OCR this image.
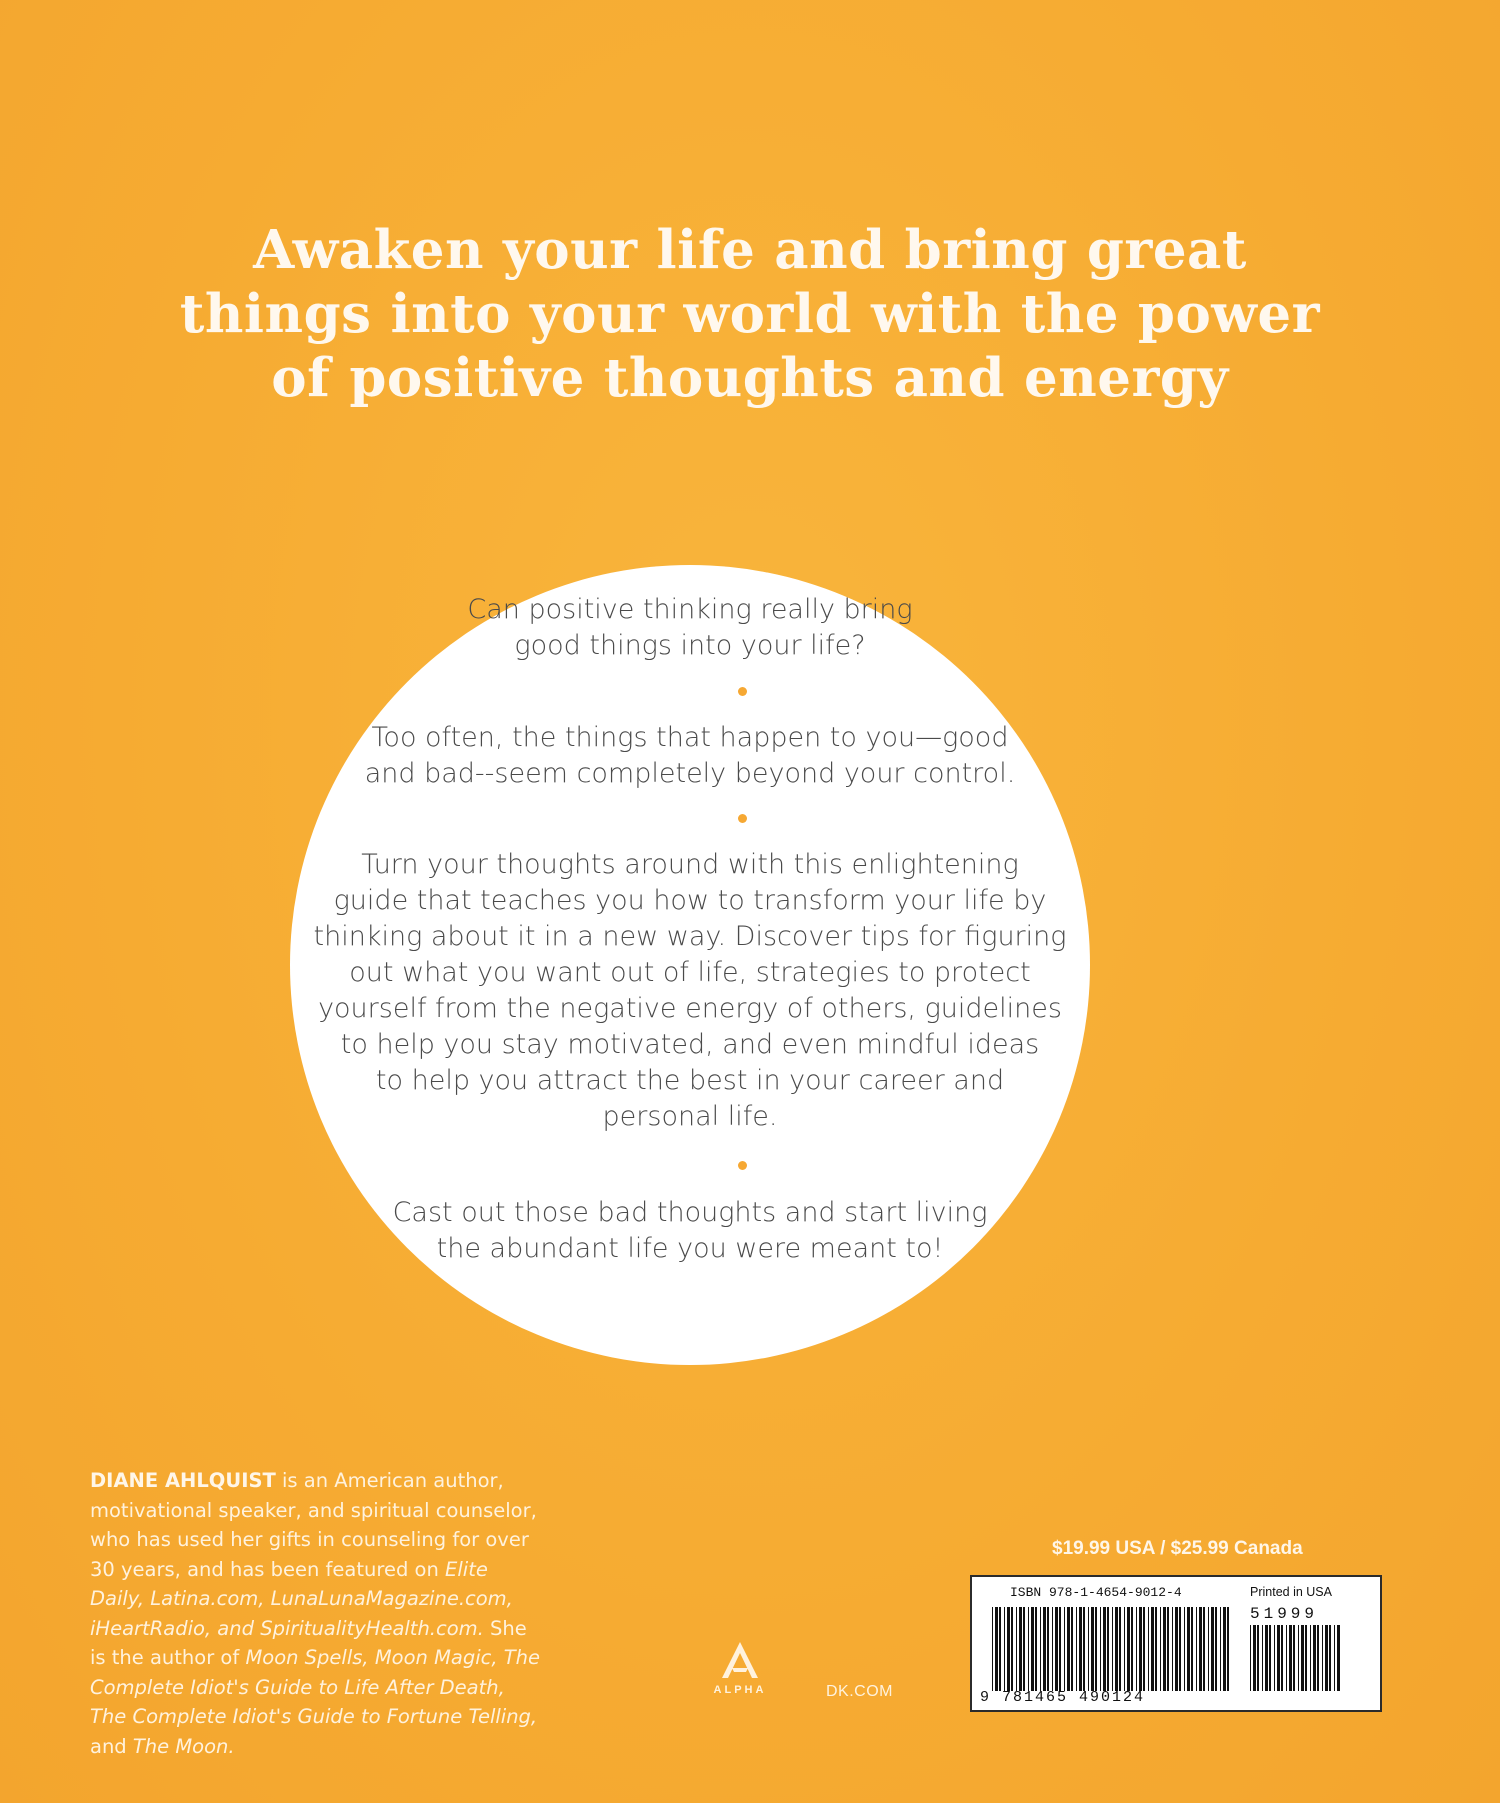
Awaken your life and bring great
things into your world with the power
of positive thoughts and energy
Can positive thinking really bring
good things into your life?
Too often, the things that happen to you—good
and bad--seem completely beyond your control.
Turn your thoughts around with this enlightening
guide that teaches you how to transform your life by
thinking about it in a new way. Discover tips for figuring
out what you want out of life, strategies to protect
yourself from the negative energy of others, guidelines
to help you stay motivated, and even mindful ideas
to help you attract the best in your career and
personal life.
Cast out those bad thoughts and start living
the abundant life you were meant to!
DIANE AHLQUIST is an American author,
motivational speaker, and spiritual counselor,
who has used her gifts in counseling for over
30 years, and has been featured on Elite
Daily, Latina.com, LunaLunaMagazine.com,
iHeartRadio, and SpiritualityHealth.com. She
is the author of Moon Spells, Moon Magic, The
Complete Idiot's Guide to Life After Death,
The Complete Idiot's Guide to Fortune Telling,
and The Moon.
ALPHA	DK.COM
$19.99 USA / $25.99 Canada
ISBN 978-1-4654-9012-4	Printed in USA
51999
9 781465 490124
